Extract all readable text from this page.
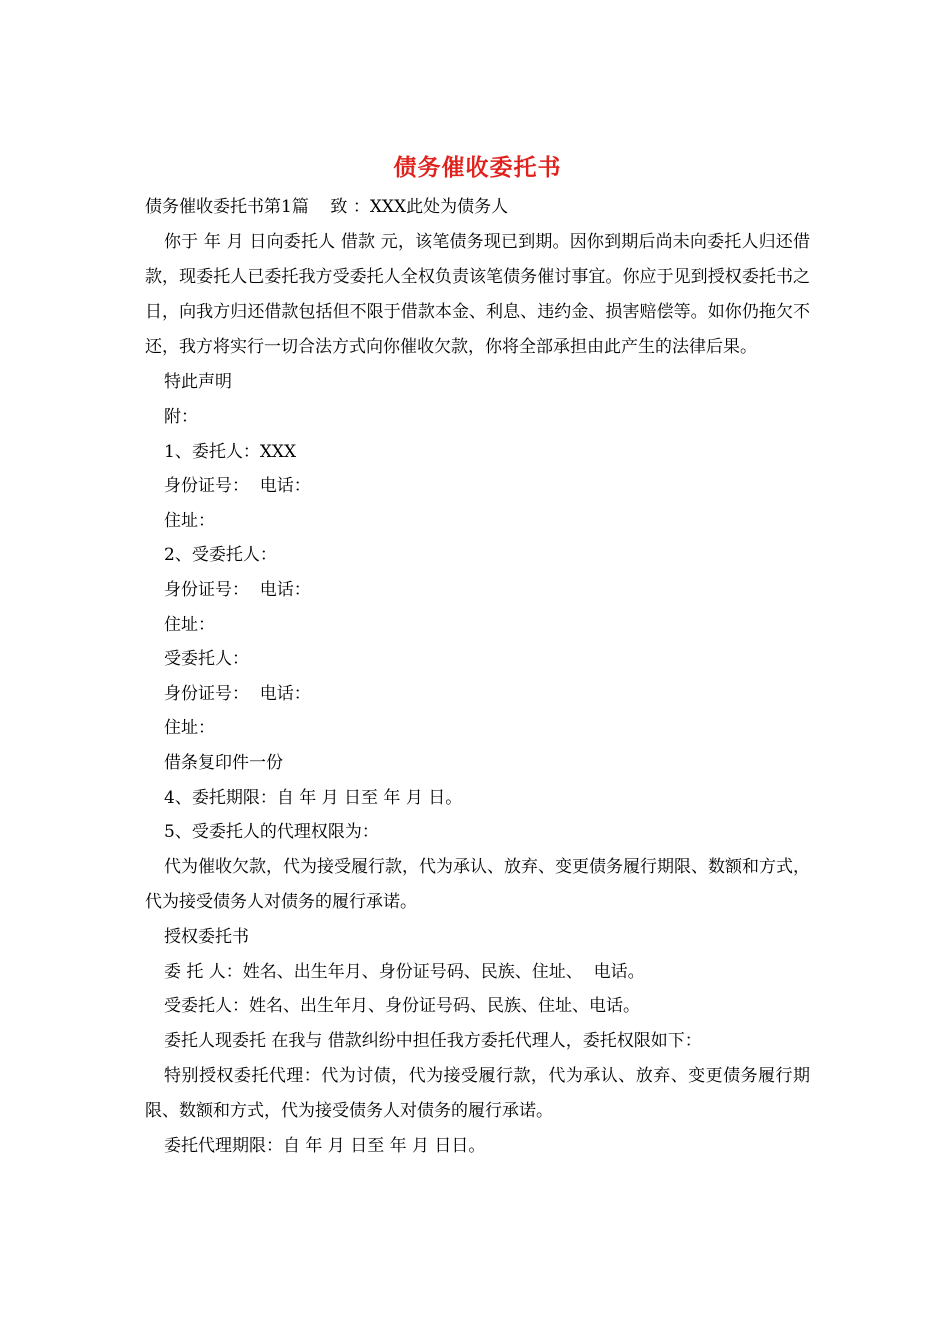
债务催收委托书
债务催收委托书第1篇    致 ：XXX此处为债务人

你于 年 月 日向委托人 借款 元，该笔债务现已到期。因你到期后尚未向委托人归还借款，现委托人已委托我方受委托人全权负责该笔债务催讨事宜。你应于见到授权委托书之日，向我方归还借款包括但不限于借款本金、利息、违约金、损害赔偿等。如你仍拖欠不还，我方将实行一切合法方式向你催收欠款，你将全部承担由此产生的法律后果。

特此声明
附：
1、委托人：XXX
身份证号：  电话：
住址：
2、受委托人：
身份证号：  电话：
住址：
受委托人：
身份证号：  电话：
住址：
借条复印件一份
4、委托期限：自 年 月 日至 年 月 日。
5、受委托人的代理权限为：

代为催收欠款，代为接受履行款，代为承认、放弃、变更债务履行期限、数额和方式，代为接受债务人对债务的履行承诺。

授权委托书
委 托 人：姓名、出生年月、身份证号码、民族、住址、  电话。
受委托人：姓名、出生年月、身份证号码、民族、住址、电话。
委托人现委托 在我与 借款纠纷中担任我方委托代理人，委托权限如下：

特别授权委托代理：代为讨债，代为接受履行款，代为承认、放弃、变更债务履行期限、数额和方式，代为接受债务人对债务的履行承诺。

委托代理期限：自 年 月 日至 年 月 日日。
